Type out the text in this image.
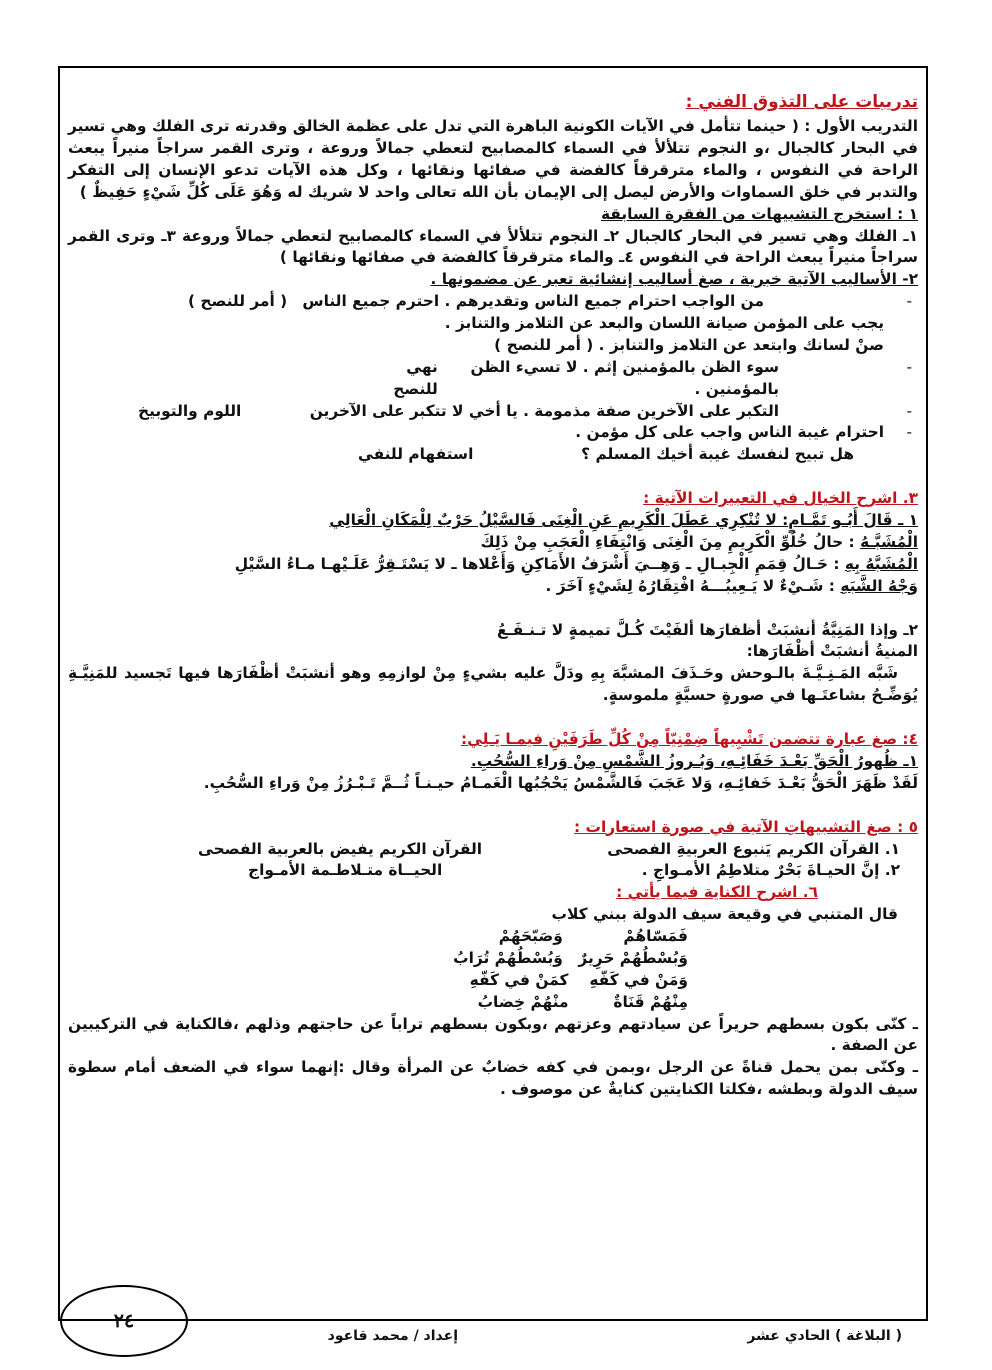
تدريبات على التذوق الفني :

التدريب الأول : ( حينما تتأمل في الآيات الكونية الباهرة التي تدل على عظمة الخالق وقدرته ترى الفلك وهي تسير في البحار كالجبال ،و النجوم تتلألأ في السماء كالمصابيح لتعطي جمالاً وروعة ، وترى القمر سراجاً منيراً يبعث الراحة في النفوس ، والماء مترقرقاً كالفضة في صفائها ونقائها ، وكل هذه الآيات تدعو الإنسان إلى التفكر والتدبر في خلق السماوات والأرض ليصل إلى الإيمان بأن الله تعالى واحد لا شريك له وَهُوَ عَلَى كُلِّ شَيْءٍ حَفِيظٌ )

١ : استخرج التشبيهات من الفقرة السابقة

١ـ الفلك وهي تسير في البحار كالجبال ٢ـ النجوم تتلألأ في السماء كالمصابيح لتعطي جمالاً وروعة ٣ـ وترى القمر سراجاً منيراً يبعث الراحة في النفوس ٤ـ والماء مترقرقاً كالفضة في صفائها ونقائها )

٢- الأساليب الآتية خبرية ، صغ أساليب إنشائية تعبر عن مضمونها .

- من الواجب احترام جميع الناس وتقديرهم . احترم جميع الناس
( أمر للنصح )
يجب على المؤمن صيانة اللسان والبعد عن التلامز والتنابز .
صنْ لسانك وابتعد عن التلامز والتنابز . ( أمر للنصح )
- سوء الظن بالمؤمنين إثم . لا تسيء الظن بالمؤمنين .
نهي للنصح
- التكبر على الآخرين صفة مذمومة . يا أخي لا تتكبر على الآخرين
اللوم والتوبيخ
- احترام غيبة الناس واجب على كل مؤمن .
هل تبيح لنفسك غيبة أخيك المسلم ؟
استفهام للنفي

٣. اشرح الخيال في التعبيرات الآتية :

١ ـ قَالَ أَبُـو تَمَّـامٍ: لا تُنْكِرِي عَطَلَ الْكَرِيمِ عَنِ الْغِنَى فَالسَّيْلُ حَرْبٌ لِلْمَكَانِ الْعَالِي

الْمُشَبَّـهُ : حالُ خُلُوِّ الْكَرِيمِ مِنَ الْغِنَى وَانْتِفَاءِ الْعَجَبِ مِنْ ذَلِكَ

الْمُشَبَّهُ بِهِ : حَـالُ قِمَمِ الْجِبـالِ ـ وَهِــيَ أَشْرَفُ الأَمَاكِنِ وَأَعْلاها ـ لا يَسْتَـقِرُّ عَلَـيْهـا مـاءُ السَّيْلِ

وَجْهُ الشَّبَهِ : شَـيْءٌ لا يَـعِيبُـــهُ افْتِقَارُهُ لِشَيْءٍ آخَرَ .

٢ـ وإذا المَنِيَّةُ أنشبَتْ أظفارَها ألفَيْتَ كُـلَّ تميمةٍ لا تـنـفَـعُ

المنيةُ أنشبَتْ أظْفَارَها:

شَبَّه المَـنِـيَّـةَ بالـوحش وحَـذَفَ المشبَّهَ بِهِ ودَلَّ عليه بشيءٍ مِنْ لوازمِهِ وهو أنشبَتْ أظْفَارَها فيها تَجسيد للمَنِيَّـةِ يُوَضِّـحُ بشاعتَـها في صورةٍ حسيَّةٍ ملموسةٍ.

٤: صغ عبارة تتضمن تَشْبِيهاً ضِمْنِيّاً مِنْ كُلِّ طَرَفَيْنِ فيمـا يَـلِي:

١ـ ظُهورُ الْحَقِّ بَعْـدَ خَفَائِـهِ، وَبُـروزُ الشَّمْسِ مِنْ وَراءِ السُّحُبِ.

لَقَدْ ظَهَرَ الْحَقُّ بَعْـدَ خَفائِـهِ، وَلا عَجَبَ فَالشَّمْسُ يَحْجُبُها الْغَمـامُ حيـنـاً ثُــمَّ تَـبْـرُزُ مِنْ وَراءِ السُّحُبِ.

٥ : صغ التشبيهاتِ الآتية في صورة استعارات :

١. القرآن الكريم يَنبوع العربيةِ الفصحى
القرآن الكريم يفيض بالعربية الفصحى
٢. إنَّ الحيـاةَ بَحْرٌ متلاطِمُ الأمـواجِ .
الحيــاة متـلاطـمة الأمـواج

٦. اشرح الكناية فيما يأتي :

قال المتنبي في وقيعة سيف الدولة ببني كلاب

فَمَسّاهُمْ وَبُسْطُهُمْ حَرِيرٌ
وَصَبّحَهُمْ وَبُسْطُهُمْ تُرَابُ
وَمَنْ في كَفّهِ مِنْهُمْ قَنَاةٌ
كمَنْ في كَفّهِ منْهُمْ خِضابُ

ـ كنّى بكون بسطهم حريراً عن سيادتهم وعزتهم ،وبكون بسطهم تراباً عن حاجتهم وذلهم ،فالكناية في التركيبين عن الصفة .

ـ وكنّى بمن يحمل قناةً عن الرجل ،وبمن في كفه خضابٌ عن المرأة وقال :إنهما سواء في الضعف أمام سطوة سيف الدولة وبطشه ،فكلتا الكنايتين كنايةٌ عن موصوف .

( البلاغة ) الحادي عشر
إعداد / محمد قاعود
٢٤
